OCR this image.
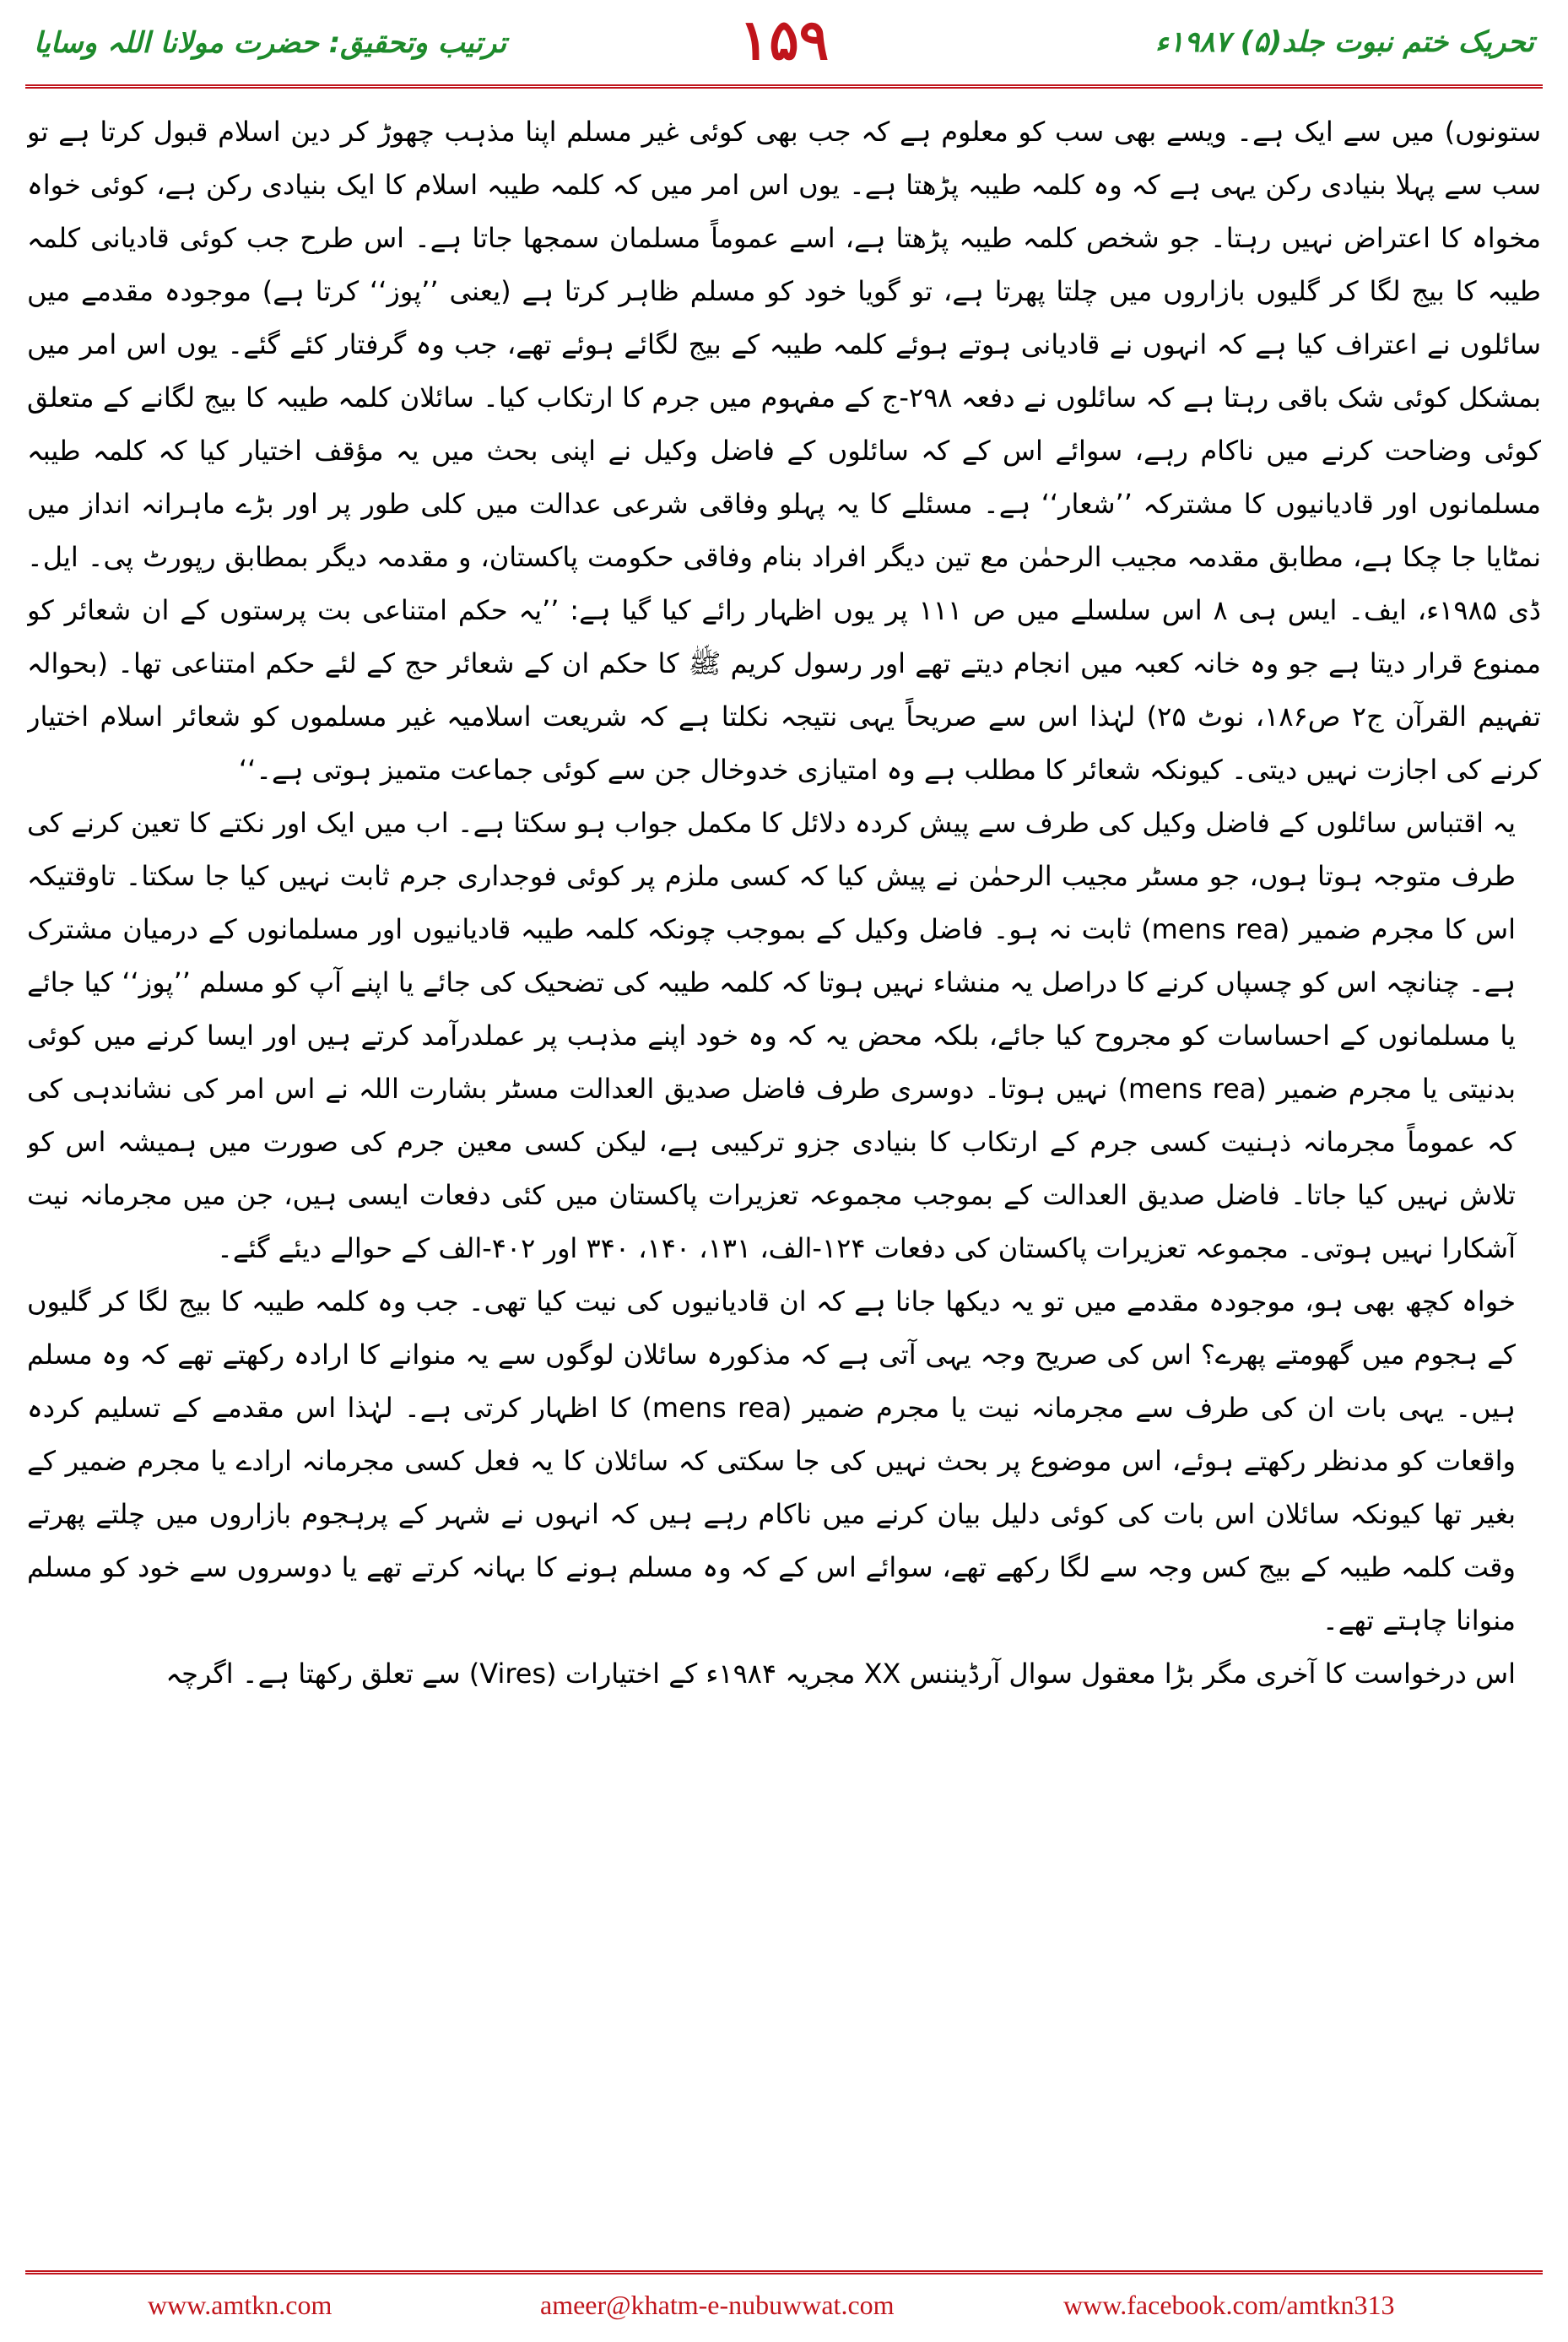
ترتیب وتحقیق: حضرت مولانا اللہ وسایا	۱۵۹	تحریک ختم نبوت جلد(۵) ۱۹۸۷ء

ستونوں) میں سے ایک ہے۔ ویسے بھی سب کو معلوم ہے کہ جب بھی کوئی غیر مسلم اپنا مذہب چھوڑ کر دین اسلام قبول کرتا ہے تو سب سے پہلا بنیادی رکن یہی ہے کہ وہ کلمہ طیبہ پڑھتا ہے۔ یوں اس امر میں کہ کلمہ طیبہ اسلام کا ایک بنیادی رکن ہے، کوئی خواہ مخواہ کا اعتراض نہیں رہتا۔ جو شخص کلمہ طیبہ پڑھتا ہے، اسے عموماً مسلمان سمجھا جاتا ہے۔ اس طرح جب کوئی قادیانی کلمہ طیبہ کا بیج لگا کر گلیوں بازاروں میں چلتا پھرتا ہے، تو گویا خود کو مسلم ظاہر کرتا ہے (یعنی ’’پوز‘‘ کرتا ہے) موجودہ مقدمے میں سائلوں نے اعتراف کیا ہے کہ انہوں نے قادیانی ہوتے ہوئے کلمہ طیبہ کے بیج لگائے ہوئے تھے، جب وہ گرفتار کئے گئے۔ یوں اس امر میں بمشکل کوئی شک باقی رہتا ہے کہ سائلوں نے دفعہ ۲۹۸-ج کے مفہوم میں جرم کا ارتکاب کیا۔ سائلان کلمہ طیبہ کا بیج لگانے کے متعلق کوئی وضاحت کرنے میں ناکام رہے، سوائے اس کے کہ سائلوں کے فاضل وکیل نے اپنی بحث میں یہ مؤقف اختیار کیا کہ کلمہ طیبہ مسلمانوں اور قادیانیوں کا مشترکہ ’’شعار‘‘ ہے۔ مسئلے کا یہ پہلو وفاقی شرعی عدالت میں کلی طور پر اور بڑے ماہرانہ انداز میں نمٹایا جا چکا ہے، مطابق مقدمہ مجیب الرحمٰن مع تین دیگر افراد بنام وفاقی حکومت پاکستان، و مقدمہ دیگر بمطابق رپورٹ پی۔ ایل۔ ڈی ۱۹۸۵ء، ایف۔ ایس ہی ۸ اس سلسلے میں ص ۱۱۱ پر یوں اظہار رائے کیا گیا ہے: ’’یہ حکم امتناعی بت پرستوں کے ان شعائر کو ممنوع قرار دیتا ہے جو وہ خانہ کعبہ میں انجام دیتے تھے اور رسول کریم ﷺ کا حکم ان کے شعائر حج کے لئے حکم امتناعی تھا۔ (بحوالہ تفہیم القرآن ج۲ ص۱۸۶، نوٹ ۲۵) لہٰذا اس سے صریحاً یہی نتیجہ نکلتا ہے کہ شریعت اسلامیہ غیر مسلموں کو شعائر اسلام اختیار کرنے کی اجازت نہیں دیتی۔ کیونکہ شعائر کا مطلب ہے وہ امتیازی خدوخال جن سے کوئی جماعت متمیز ہوتی ہے۔‘‘

یہ اقتباس سائلوں کے فاضل وکیل کی طرف سے پیش کردہ دلائل کا مکمل جواب ہو سکتا ہے۔ اب میں ایک اور نکتے کا تعین کرنے کی طرف متوجہ ہوتا ہوں، جو مسٹر مجیب الرحمٰن نے پیش کیا کہ کسی ملزم پر کوئی فوجداری جرم ثابت نہیں کیا جا سکتا۔ تاوقتیکہ اس کا مجرم ضمیر (mens rea) ثابت نہ ہو۔ فاضل وکیل کے بموجب چونکہ کلمہ طیبہ قادیانیوں اور مسلمانوں کے درمیان مشترک ہے۔ چنانچہ اس کو چسپاں کرنے کا دراصل یہ منشاء نہیں ہوتا کہ کلمہ طیبہ کی تضحیک کی جائے یا اپنے آپ کو مسلم ’’پوز‘‘ کیا جائے یا مسلمانوں کے احساسات کو مجروح کیا جائے، بلکہ محض یہ کہ وہ خود اپنے مذہب پر عملدرآمد کرتے ہیں اور ایسا کرنے میں کوئی بدنیتی یا مجرم ضمیر (mens rea) نہیں ہوتا۔ دوسری طرف فاضل صدیق العدالت مسٹر بشارت اللہ نے اس امر کی نشاندہی کی کہ عموماً مجرمانہ ذہنیت کسی جرم کے ارتکاب کا بنیادی جزو ترکیبی ہے، لیکن کسی معین جرم کی صورت میں ہمیشہ اس کو تلاش نہیں کیا جاتا۔ فاضل صدیق العدالت کے بموجب مجموعہ تعزیرات پاکستان میں کئی دفعات ایسی ہیں، جن میں مجرمانہ نیت آشکارا نہیں ہوتی۔ مجموعہ تعزیرات پاکستان کی دفعات ۱۲۴-الف، ۱۳۱، ۱۴۰، ۳۴۰ اور ۴۰۲-الف کے حوالے دیئے گئے۔

خواہ کچھ بھی ہو، موجودہ مقدمے میں تو یہ دیکھا جانا ہے کہ ان قادیانیوں کی نیت کیا تھی۔ جب وہ کلمہ طیبہ کا بیج لگا کر گلیوں کے ہجوم میں گھومتے پھرے؟ اس کی صریح وجہ یہی آتی ہے کہ مذکورہ سائلان لوگوں سے یہ منوانے کا ارادہ رکھتے تھے کہ وہ مسلم ہیں۔ یہی بات ان کی طرف سے مجرمانہ نیت یا مجرم ضمیر (mens rea) کا اظہار کرتی ہے۔ لہٰذا اس مقدمے کے تسلیم کردہ واقعات کو مدنظر رکھتے ہوئے، اس موضوع پر بحث نہیں کی جا سکتی کہ سائلان کا یہ فعل کسی مجرمانہ ارادے یا مجرم ضمیر کے بغیر تھا کیونکہ سائلان اس بات کی کوئی دلیل بیان کرنے میں ناکام رہے ہیں کہ انہوں نے شہر کے پرہجوم بازاروں میں چلتے پھرتے وقت کلمہ طیبہ کے بیج کس وجہ سے لگا رکھے تھے، سوائے اس کے کہ وہ مسلم ہونے کا بہانہ کرتے تھے یا دوسروں سے خود کو مسلم منوانا چاہتے تھے۔

اس درخواست کا آخری مگر بڑا معقول سوال آرڈیننس XX مجریہ ۱۹۸۴ء کے اختیارات (Vires) سے تعلق رکھتا ہے۔ اگرچہ

www.amtkn.com	ameer@khatm-e-nubuwwat.com	www.facebook.com/amtkn313
